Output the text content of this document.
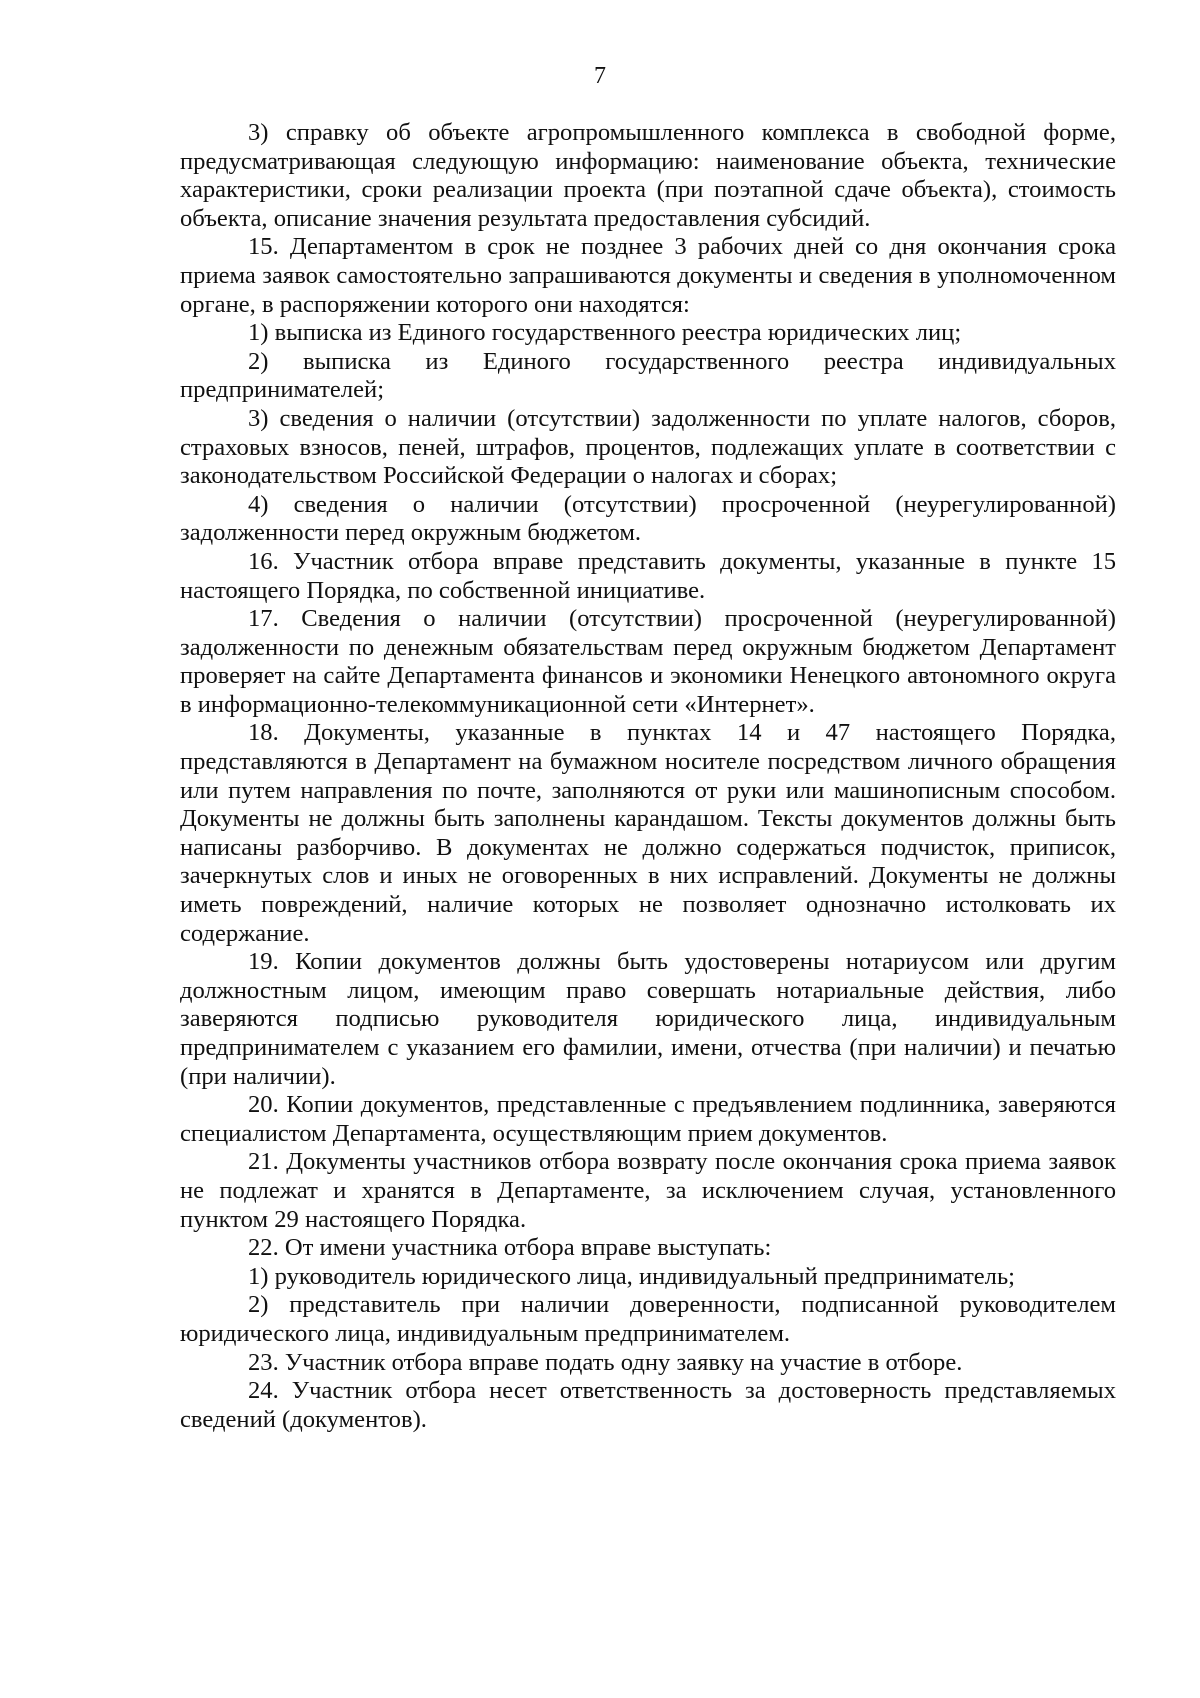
7

3) справку об объекте агропромышленного комплекса в свободной форме, предусматривающая следующую информацию: наименование объекта, технические характеристики, сроки реализации проекта (при поэтапной сдаче объекта), стоимость объекта, описание значения результата предоставления субсидий.

15. Департаментом в срок не позднее 3 рабочих дней со дня окончания срока приема заявок самостоятельно запрашиваются документы и сведения в уполномоченном органе, в распоряжении которого они находятся:

1) выписка из Единого государственного реестра юридических лиц;

2) выписка из Единого государственного реестра индивидуальных предпринимателей;

3) сведения о наличии (отсутствии) задолженности по уплате налогов, сборов, страховых взносов, пеней, штрафов, процентов, подлежащих уплате в соответствии с законодательством Российской Федерации о налогах и сборах;

4) сведения о наличии (отсутствии) просроченной (неурегулированной) задолженности перед окружным бюджетом.

16. Участник отбора вправе представить документы, указанные в пункте 15 настоящего Порядка, по собственной инициативе.

17. Сведения о наличии (отсутствии) просроченной (неурегулированной) задолженности по денежным обязательствам перед окружным бюджетом Департамент проверяет на сайте Департамента финансов и экономики Ненецкого автономного округа в информационно-телекоммуникационной сети «Интернет».

18. Документы, указанные в пунктах 14 и 47 настоящего Порядка, представляются в Департамент на бумажном носителе посредством личного обращения или путем направления по почте, заполняются от руки или машинописным способом. Документы не должны быть заполнены карандашом. Тексты документов должны быть написаны разборчиво. В документах не должно содержаться подчисток, приписок, зачеркнутых слов и иных не оговоренных в них исправлений. Документы не должны иметь повреждений, наличие которых не позволяет однозначно истолковать их содержание.

19. Копии документов должны быть удостоверены нотариусом или другим должностным лицом, имеющим право совершать нотариальные действия, либо заверяются подписью руководителя юридического лица, индивидуальным предпринимателем с указанием его фамилии, имени, отчества (при наличии) и печатью (при наличии).

20. Копии документов, представленные с предъявлением подлинника, заверяются специалистом Департамента, осуществляющим прием документов.

21. Документы участников отбора возврату после окончания срока приема заявок не подлежат и хранятся в Департаменте, за исключением случая, установленного пунктом 29 настоящего Порядка.

22. От имени участника отбора вправе выступать:

1) руководитель юридического лица, индивидуальный предприниматель;

2) представитель при наличии доверенности, подписанной руководителем юридического лица, индивидуальным предпринимателем.

23. Участник отбора вправе подать одну заявку на участие в отборе.

24. Участник отбора несет ответственность за достоверность представляемых сведений (документов).
